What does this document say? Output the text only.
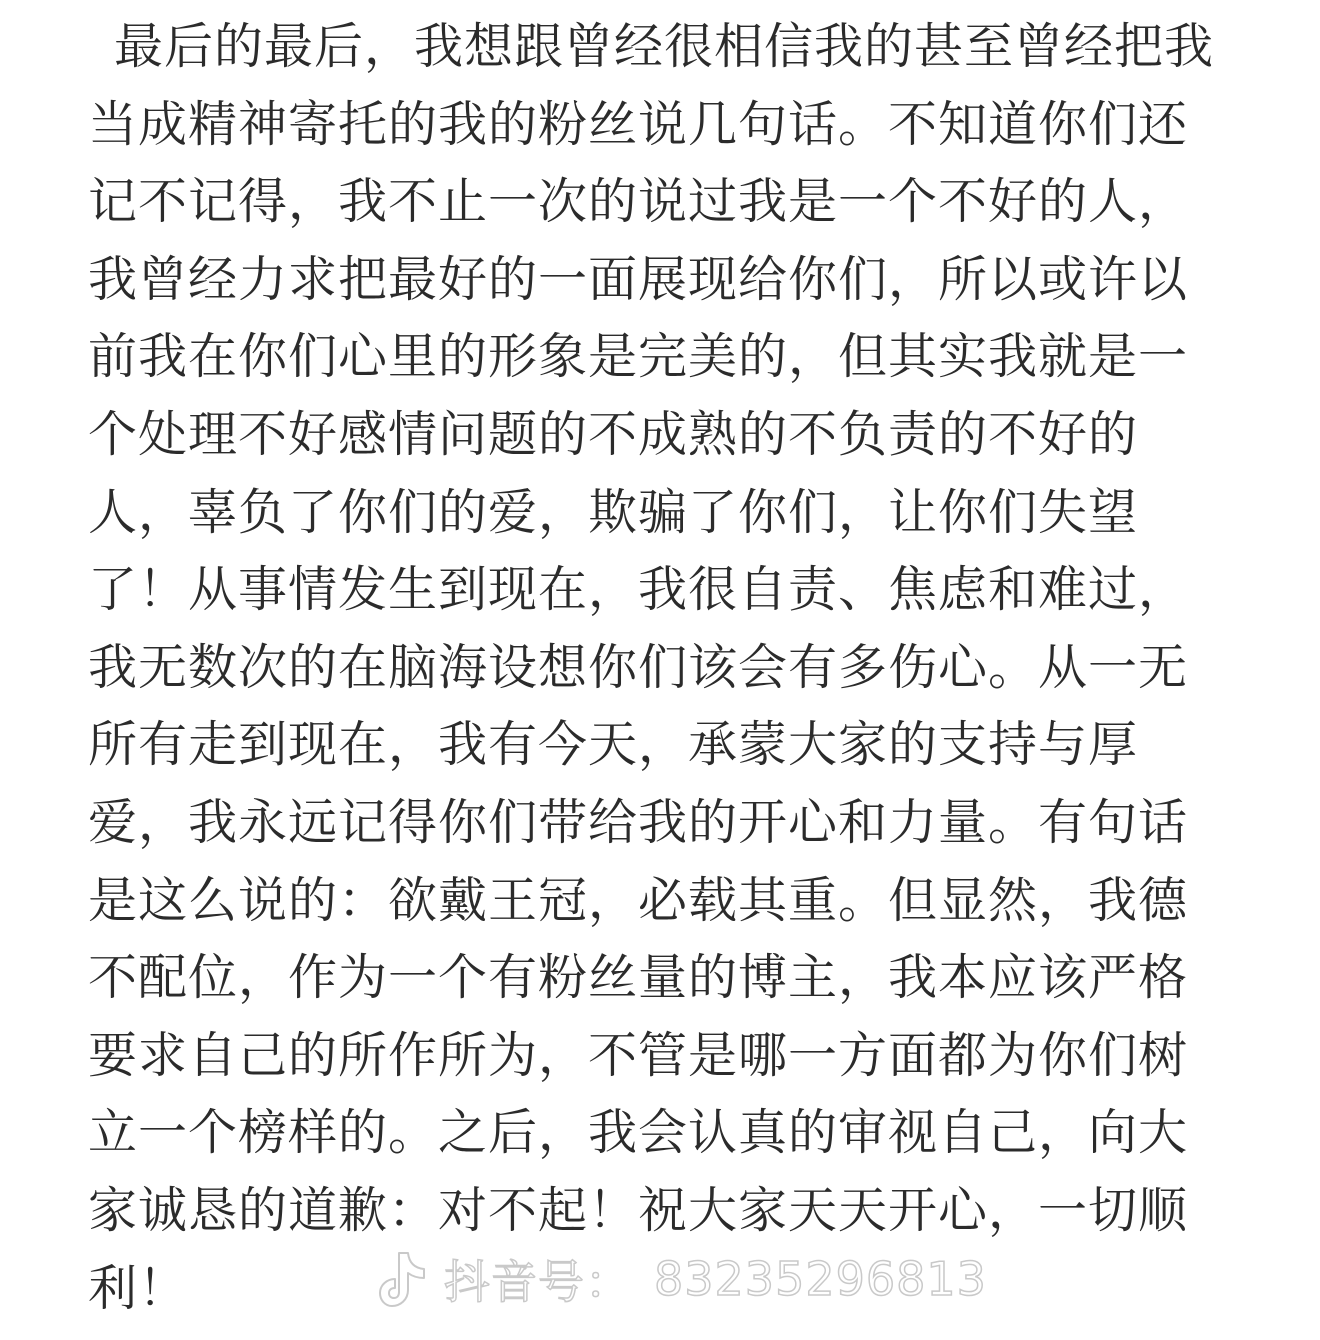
最后的最后，我想跟曾经很相信我的甚至曾经把我
当成精神寄托的我的粉丝说几句话。不知道你们还
记不记得，我不止一次的说过我是一个不好的人，
我曾经力求把最好的一面展现给你们，所以或许以
前我在你们心里的形象是完美的，但其实我就是一
个处理不好感情问题的不成熟的不负责的不好的
人，辜负了你们的爱，欺骗了你们，让你们失望
了！从事情发生到现在，我很自责、焦虑和难过，
我无数次的在脑海设想你们该会有多伤心。从一无
所有走到现在，我有今天，承蒙大家的支持与厚
爱，我永远记得你们带给我的开心和力量。有句话
是这么说的：欲戴王冠，必载其重。但显然，我德
不配位，作为一个有粉丝量的博主，我本应该严格
要求自己的所作所为，不管是哪一方面都为你们树
立一个榜样的。之后，我会认真的审视自己，向大
家诚恳的道歉：对不起！祝大家天天开心，一切顺
利！	抖音号： 83235296813
